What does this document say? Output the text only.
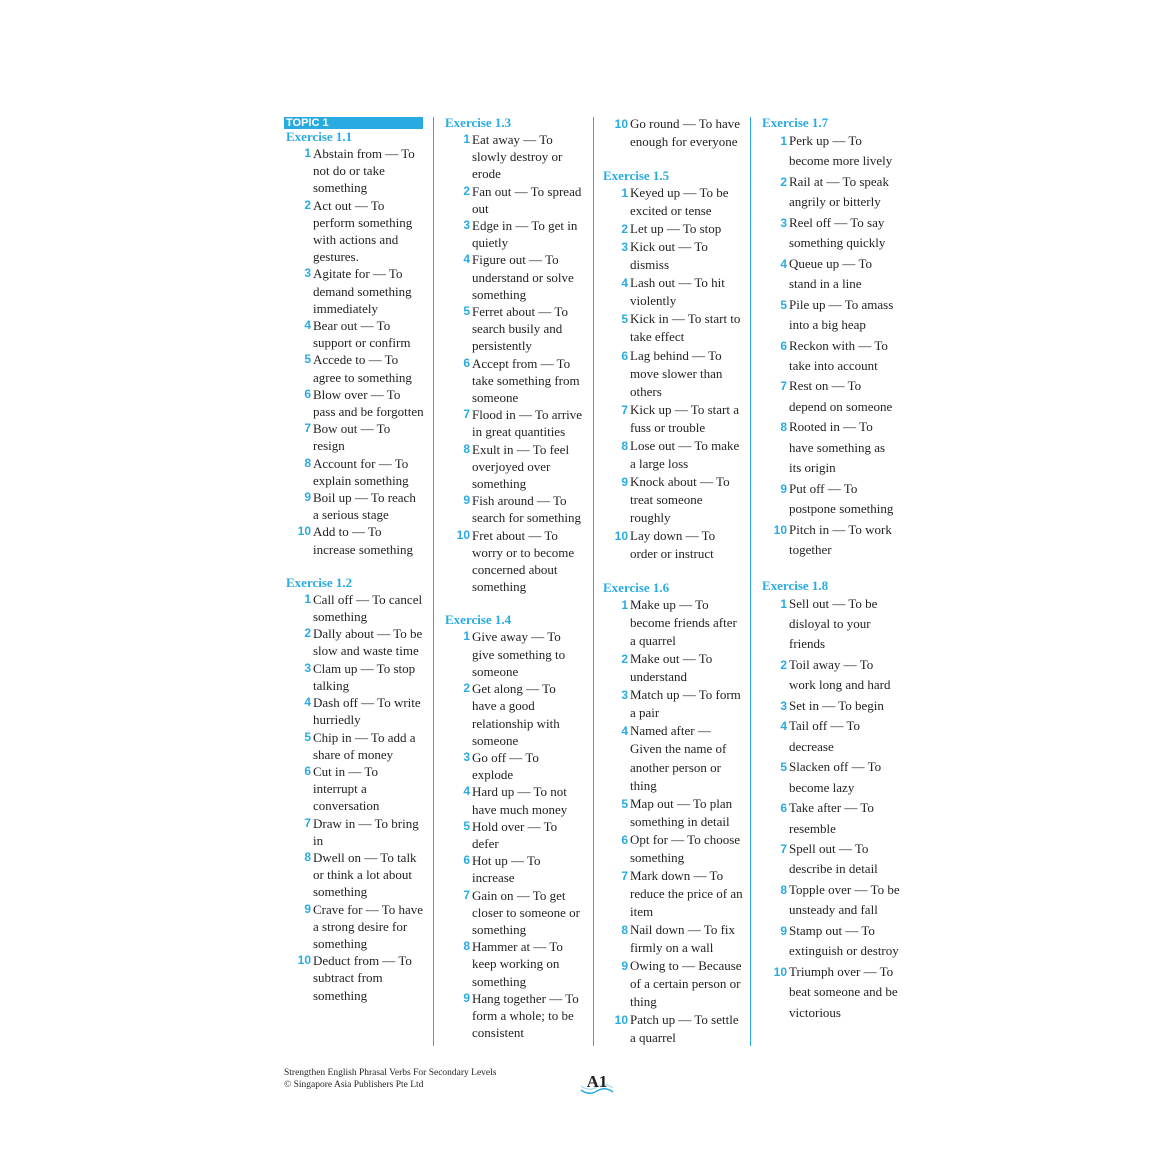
TOPIC 1
Exercise 1.1
1 Abstain from — To not do or take something
2 Act out — To perform something with actions and gestures.
3 Agitate for — To demand something immediately
4 Bear out — To support or confirm
5 Accede to — To agree to something
6 Blow over — To pass and be forgotten
7 Bow out — To resign
8 Account for — To explain something
9 Boil up — To reach a serious stage
10 Add to — To increase something
Exercise 1.2
1 Call off — To cancel something
2 Dally about — To be slow and waste time
3 Clam up — To stop talking
4 Dash off — To write hurriedly
5 Chip in — To add a share of money
6 Cut in — To interrupt a conversation
7 Draw in — To bring in
8 Dwell on — To talk or think a lot about something
9 Crave for — To have a strong desire for something
10 Deduct from — To subtract from something
Exercise 1.3
1 Eat away — To slowly destroy or erode
2 Fan out — To spread out
3 Edge in — To get in quietly
4 Figure out — To understand or solve something
5 Ferret about — To search busily and persistently
6 Accept from — To take something from someone
7 Flood in — To arrive in great quantities
8 Exult in — To feel overjoyed over something
9 Fish around — To search for something
10 Fret about — To worry or to become concerned about something
Exercise 1.4
1 Give away — To give something to someone
2 Get along — To have a good relationship with someone
3 Go off — To explode
4 Hard up — To not have much money
5 Hold over — To defer
6 Hot up — To increase
7 Gain on — To get closer to someone or something
8 Hammer at — To keep working on something
9 Hang together — To form a whole; to be consistent
10 Go round — To have enough for everyone
Exercise 1.5
1 Keyed up — To be excited or tense
2 Let up — To stop
3 Kick out — To dismiss
4 Lash out — To hit violently
5 Kick in — To start to take effect
6 Lag behind — To move slower than others
7 Kick up — To start a fuss or trouble
8 Lose out — To make a large loss
9 Knock about — To treat someone roughly
10 Lay down — To order or instruct
Exercise 1.6
1 Make up — To become friends after a quarrel
2 Make out — To understand
3 Match up — To form a pair
4 Named after — Given the name of another person or thing
5 Map out — To plan something in detail
6 Opt for — To choose something
7 Mark down — To reduce the price of an item
8 Nail down — To fix firmly on a wall
9 Owing to — Because of a certain person or thing
10 Patch up — To settle a quarrel
Exercise 1.7
1 Perk up — To become more lively
2 Rail at — To speak angrily or bitterly
3 Reel off — To say something quickly
4 Queue up — To stand in a line
5 Pile up — To amass into a big heap
6 Reckon with — To take into account
7 Rest on — To depend on someone
8 Rooted in — To have something as its origin
9 Put off — To postpone something
10 Pitch in — To work together
Exercise 1.8
1 Sell out — To be disloyal to your friends
2 Toil away — To work long and hard
3 Set in — To begin
4 Tail off — To decrease
5 Slacken off — To become lazy
6 Take after — To resemble
7 Spell out — To describe in detail
8 Topple over — To be unsteady and fall
9 Stamp out — To extinguish or destroy
10 Triumph over — To beat someone and be victorious
Strengthen English Phrasal Verbs For Secondary Levels
© Singapore Asia Publishers Pte Ltd	A1
